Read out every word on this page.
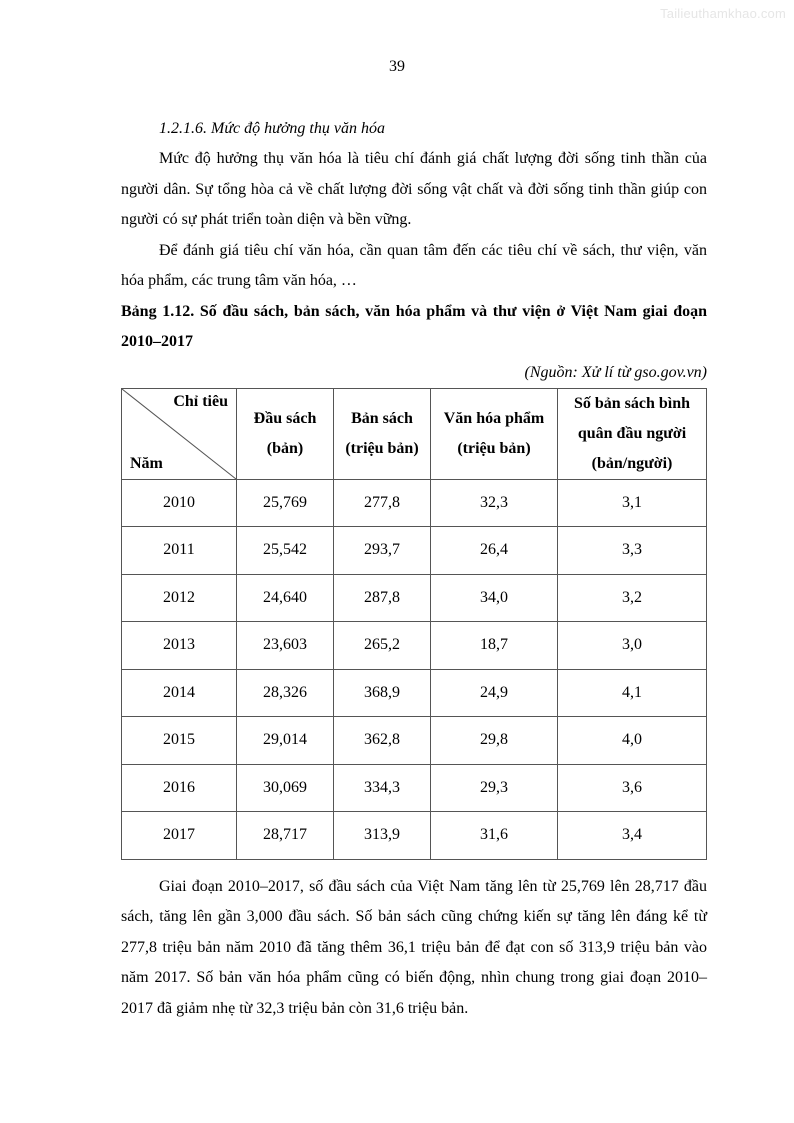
Tailieuthamkhao.com
39

1.2.1.6. Mức độ hưởng thụ văn hóa

Mức độ hưởng thụ văn hóa là tiêu chí đánh giá chất lượng đời sống tinh thần của người dân. Sự tổng hòa cả về chất lượng đời sống vật chất và đời sống tinh thần giúp con người có sự phát triển toàn diện và bền vững.

Để đánh giá tiêu chí văn hóa, cần quan tâm đến các tiêu chí về sách, thư viện, văn hóa phẩm, các trung tâm văn hóa, …

Bảng 1.12. Số đầu sách, bản sách, văn hóa phẩm và thư viện ở Việt Nam giai đoạn 2010–2017

(Nguồn: Xử lí từ gso.gov.vn)

Chỉ tiêu
Năm	Đầu sách (bản)	Bản sách (triệu bản)	Văn hóa phẩm (triệu bản)	Số bản sách bình quân đầu người (bản/người)
2010	25,769	277,8	32,3	3,1
2011	25,542	293,7	26,4	3,3
2012	24,640	287,8	34,0	3,2
2013	23,603	265,2	18,7	3,0
2014	28,326	368,9	24,9	4,1
2015	29,014	362,8	29,8	4,0
2016	30,069	334,3	29,3	3,6
2017	28,717	313,9	31,6	3,4

Giai đoạn 2010–2017, số đầu sách của Việt Nam tăng lên từ 25,769 lên 28,717 đầu sách, tăng lên gần 3,000 đầu sách. Số bản sách cũng chứng kiến sự tăng lên đáng kể từ 277,8 triệu bản năm 2010 đã tăng thêm 36,1 triệu bản để đạt con số 313,9 triệu bản vào năm 2017. Số bản văn hóa phẩm cũng có biến động, nhìn chung trong giai đoạn 2010–2017 đã giảm nhẹ từ 32,3 triệu bản còn 31,6 triệu bản.
